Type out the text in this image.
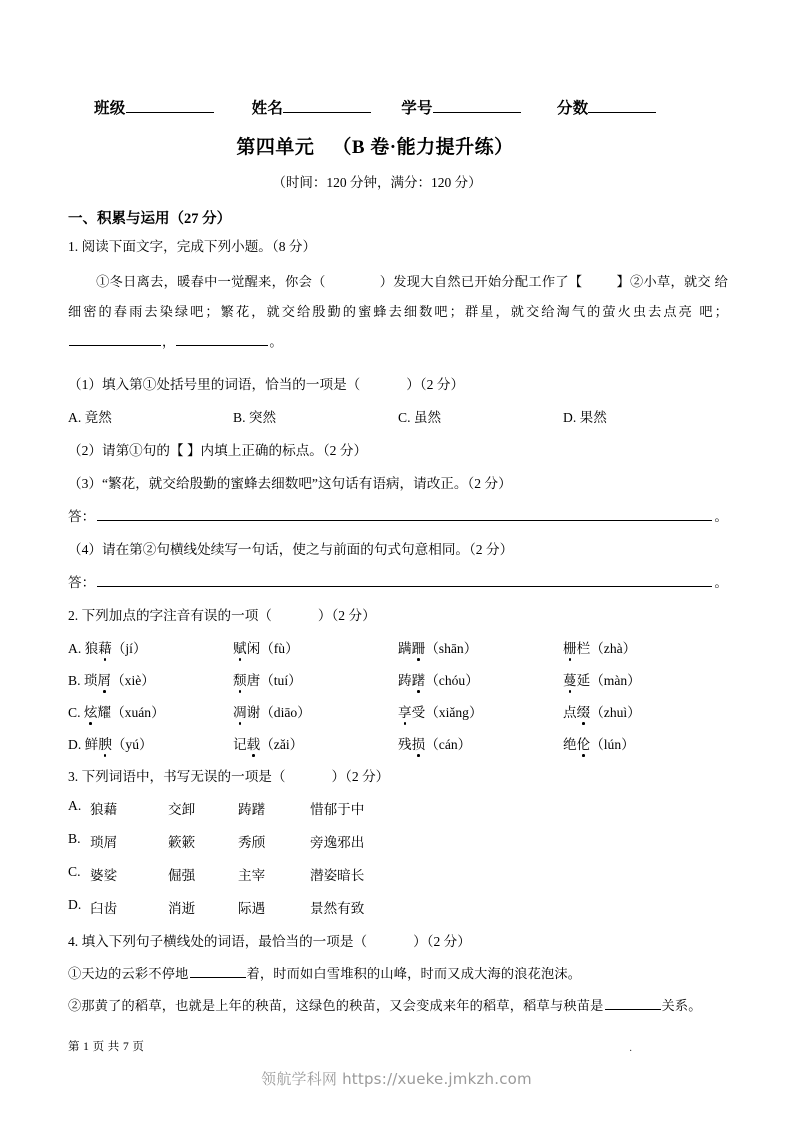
班级	姓名	学号	分数
第四单元 （B 卷·能力提升练）
（时间：120 分钟，满分：120 分）
一、积累与运用（27 分）
1. 阅读下面文字，完成下列小题。（8 分）
①冬日离去，暖春中一觉醒来，你会（	）发现大自然已开始分配工作了【	】②小草，就交 给细密的春雨去染绿吧；繁花，就交给殷勤的蜜蜂去细数吧；群星，就交给淘气的萤火虫去点亮 吧；，	。
（1）填入第①处括号里的词语，恰当的一项是（	）（2 分）
A. 竟然	B. 突然	C. 虽然	D. 果然
（2）请第①句的【 】内填上正确的标点。（2 分）
（3）“繁花，就交给殷勤的蜜蜂去细数吧”这句话有语病，请改正。（2 分）
答：	。
（4）请在第②句横线处续写一句话，使之与前面的句式句意相同。（2 分）
答：	。
2. 下列加点的字注音有误的一项（	）（2 分）
A. 狼藉（jí）	赋闲（fù）	蹒跚（shān）	栅栏（zhà）
B. 琐屑（xiè）	颓唐（tuí）	踌躇（chóu）	蔓延（màn）
C. 炫耀（xuán）	凋谢（diāo）	享受（xiǎng）	点缀（zhuì）
D. 鲜腴（yú）	记载（zǎi）	残损（cán）	绝伦（lún）
3. 下列词语中，书写无误的一项是（	）（2 分）
A. 狼藉	交卸	踌躇	惜郁于中
B. 琐屑	簌簌	秀颀	旁逸邪出
C. 婆娑	倔强	主宰	潜姿暗长
D. 臼齿	消逝	际遇	景然有致
4. 填入下列句子横线处的词语，最恰当的一项是（	）（2 分）
①天边的云彩不停地	着，时而如白雪堆积的山峰，时而又成大海的浪花泡沫。
②那黄了的稻草，也就是上年的秧苗，这绿色的秧苗，又会变成来年的稻草，稻草与秧苗是	关系。
第 1 页 共 7 页	.
领航学科网 https://xueke.jmkzh.com
